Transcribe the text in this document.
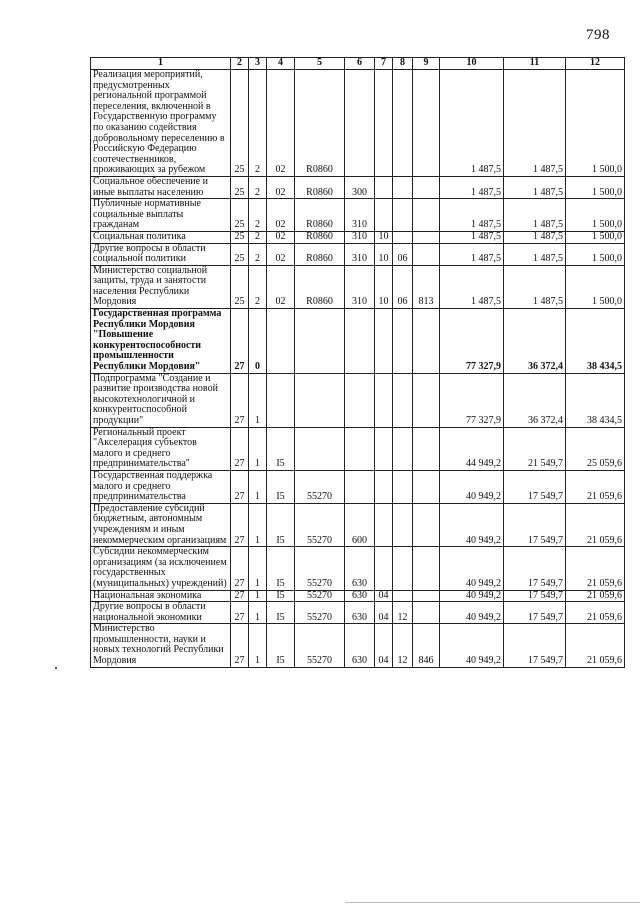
798
1	2	3	4	5	6	7	8	9	10	11	12
Реализация мероприятий, предусмотренных региональной программой переселения, включенной в Государственную программу по оказанию содействия добровольному переселению в Российскую Федерацию соотечественников, проживающих за рубежом	25	2	02	R0860					1 487,5	1 487,5	1 500,0
Социальное обеспечение и иные выплаты населению	25	2	02	R0860	300				1 487,5	1 487,5	1 500,0
Публичные нормативные социальные выплаты гражданам	25	2	02	R0860	310				1 487,5	1 487,5	1 500,0
Социальная политика	25	2	02	R0860	310	10			1 487,5	1 487,5	1 500,0
Другие вопросы в области социальной политики	25	2	02	R0860	310	10	06		1 487,5	1 487,5	1 500,0
Министерство социальной защиты, труда и занятости населения Республики Мордовия	25	2	02	R0860	310	10	06	813	1 487,5	1 487,5	1 500,0
Государственная программа Республики Мордовия "Повышение конкурентоспособности промышленности Республики Мордовия"	27	0							77 327,9	36 372,4	38 434,5
Подпрограмма "Создание и развитие производства новой высокотехнологичной и конкурентоспособной продукции"	27	1							77 327,9	36 372,4	38 434,5
Региональный проект "Акселерация субъектов малого и среднего предпринимательства"	27	1	I5						44 949,2	21 549,7	25 059,6
Государственная поддержка малого и среднего предпринимательства	27	1	I5	55270					40 949,2	17 549,7	21 059,6
Предоставление субсидий бюджетным, автономным учреждениям и иным некоммерческим организациям	27	1	I5	55270	600				40 949,2	17 549,7	21 059,6
Субсидии некоммерческим организациям (за исключением государственных (муниципальных) учреждений)	27	1	I5	55270	630				40 949,2	17 549,7	21 059,6
Национальная экономика	27	1	I5	55270	630	04			40 949,2	17 549,7	21 059,6
Другие вопросы в области национальной экономики	27	1	I5	55270	630	04	12		40 949,2	17 549,7	21 059,6
Министерство промышленности, науки и новых технологий Республики Мордовия	27	1	I5	55270	630	04	12	846	40 949,2	17 549,7	21 059,6
